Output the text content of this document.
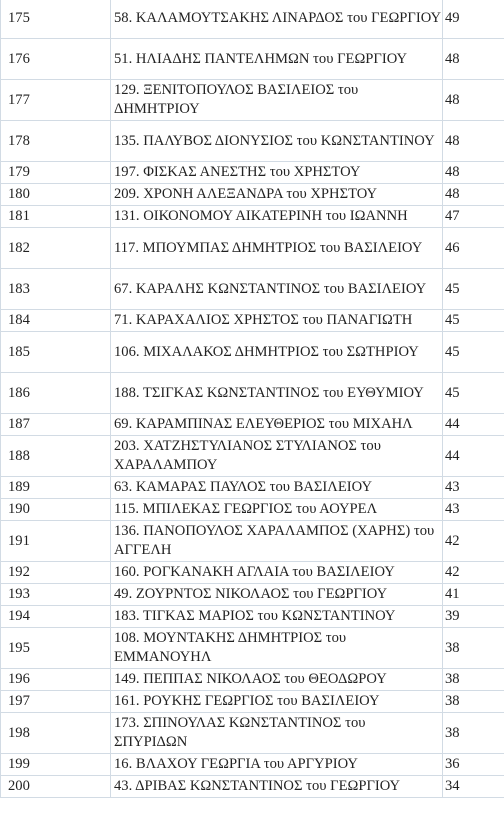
175	58. ΚΑΛΑΜΟΥΤΣΑΚΗΣ ΛΙΝΑΡΔΟΣ του ΓΕΩΡΓΙΟΥ	49
176	51. ΗΛΙΑΔΗΣ ΠΑΝΤΕΛΗΜΩΝ του ΓΕΩΡΓΙΟΥ	48
177	129. ΞΕΝΙΤΟΠΟΥΛΟΣ ΒΑΣΙΛΕΙΟΣ του ΔΗΜΗΤΡΙΟΥ	48
178	135. ΠΑΛΥΒΟΣ ΔΙΟΝΥΣΙΟΣ του ΚΩΝΣΤΑΝΤΙΝΟΥ	48
179	197. ΦΙΣΚΑΣ ΑΝΕΣΤΗΣ του ΧΡΗΣΤΟΥ	48
180	209. ΧΡΟΝΗ ΑΛΕΞΑΝΔΡΑ του ΧΡΗΣΤΟΥ	48
181	131. ΟΙΚΟΝΟΜΟΥ ΑΙΚΑΤΕΡΙΝΗ του ΙΩΑΝΝΗ	47
182	117. ΜΠΟΥΜΠΑΣ ΔΗΜΗΤΡΙΟΣ του ΒΑΣΙΛΕΙΟΥ	46
183	67. ΚΑΡΑΛΗΣ ΚΩΝΣΤΑΝΤΙΝΟΣ του ΒΑΣΙΛΕΙΟΥ	45
184	71. ΚΑΡΑΧΑΛΙΟΣ ΧΡΗΣΤΟΣ του ΠΑΝΑΓΙΩΤΗ	45
185	106. ΜΙΧΑΛΑΚΟΣ ΔΗΜΗΤΡΙΟΣ του ΣΩΤΗΡΙΟΥ	45
186	188. ΤΣΙΓΚΑΣ ΚΩΝΣΤΑΝΤΙΝΟΣ του ΕΥΘΥΜΙΟΥ	45
187	69. ΚΑΡΑΜΠΙΝΑΣ ΕΛΕΥΘΕΡΙΟΣ του ΜΙΧΑΗΛ	44
188	203. ΧΑΤΖΗΣΤΥΛΙΑΝΟΣ ΣΤΥΛΙΑΝΟΣ του ΧΑΡΑΛΑΜΠΟΥ	44
189	63. ΚΑΜΑΡΑΣ ΠΑΥΛΟΣ του ΒΑΣΙΛΕΙΟΥ	43
190	115. ΜΠΙΛΕΚΑΣ ΓΕΩΡΓΙΟΣ του ΑΟΥΡΕΛ	43
191	136. ΠΑΝΟΠΟΥΛΟΣ ΧΑΡΑΛΑΜΠΟΣ (ΧΑΡΗΣ) του ΑΓΓΕΛΗ	42
192	160. ΡΟΓΚΑΝΑΚΗ ΑΓΛΑΙΑ του ΒΑΣΙΛΕΙΟΥ	42
193	49. ΖΟΥΡΝΤΟΣ ΝΙΚΟΛΑΟΣ του ΓΕΩΡΓΙΟΥ	41
194	183. ΤΙΓΚΑΣ ΜΑΡΙΟΣ του ΚΩΝΣΤΑΝΤΙΝΟΥ	39
195	108. ΜΟΥΝΤΑΚΗΣ ΔΗΜΗΤΡΙΟΣ του ΕΜΜΑΝΟΥΗΛ	38
196	149. ΠΕΠΠΑΣ ΝΙΚΟΛΑΟΣ του ΘΕΟΔΩΡΟΥ	38
197	161. ΡΟΥΚΗΣ ΓΕΩΡΓΙΟΣ του ΒΑΣΙΛΕΙΟΥ	38
198	173. ΣΠΙΝΟΥΛΑΣ ΚΩΝΣΤΑΝΤΙΝΟΣ του ΣΠΥΡΙΔΩΝ	38
199	16. ΒΛΑΧΟΥ ΓΕΩΡΓΙΑ του ΑΡΓΥΡΙΟΥ	36
200	43. ΔΡΙΒΑΣ ΚΩΝΣΤΑΝΤΙΝΟΣ του ΓΕΩΡΓΙΟΥ	34
